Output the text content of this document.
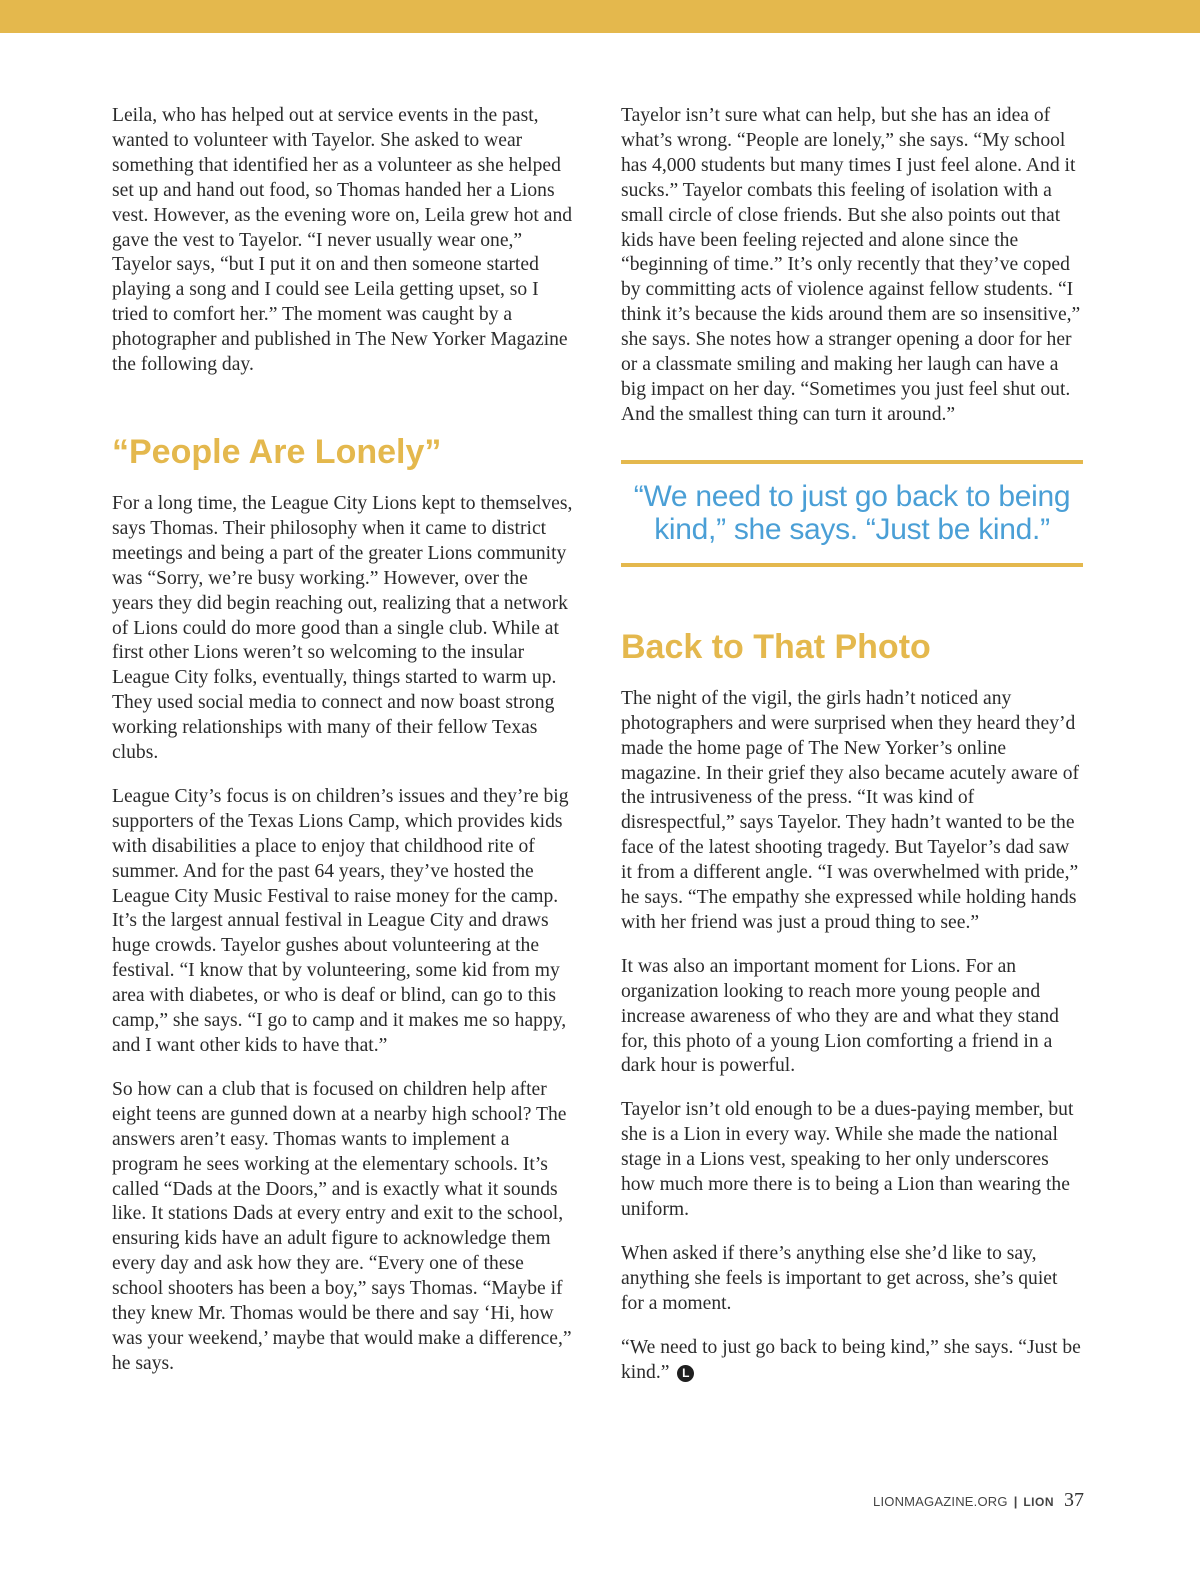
Leila, who has helped out at service events in the past, wanted to volunteer with Tayelor. She asked to wear something that identified her as a volunteer as she helped set up and hand out food, so Thomas handed her a Lions vest. However, as the evening wore on, Leila grew hot and gave the vest to Tayelor. “I never usually wear one,” Tayelor says, “but I put it on and then someone started playing a song and I could see Leila getting upset, so I tried to comfort her.” The moment was caught by a photographer and published in The New Yorker Magazine the following day.

“People Are Lonely”

For a long time, the League City Lions kept to themselves, says Thomas. Their philosophy when it came to district meetings and being a part of the greater Lions community was “Sorry, we’re busy working.” However, over the years they did begin reaching out, realizing that a network of Lions could do more good than a single club. While at first other Lions weren’t so welcoming to the insular League City folks, eventually, things started to warm up. They used social media to connect and now boast strong working relationships with many of their fellow Texas clubs.

League City’s focus is on children’s issues and they’re big supporters of the Texas Lions Camp, which provides kids with disabilities a place to enjoy that childhood rite of summer. And for the past 64 years, they’ve hosted the League City Music Festival to raise money for the camp. It’s the largest annual festival in League City and draws huge crowds. Tayelor gushes about volunteering at the festival. “I know that by volunteering, some kid from my area with diabetes, or who is deaf or blind, can go to this camp,” she says. “I go to camp and it makes me so happy, and I want other kids to have that.”

So how can a club that is focused on children help after eight teens are gunned down at a nearby high school? The answers aren’t easy. Thomas wants to implement a program he sees working at the elementary schools. It’s called “Dads at the Doors,” and is exactly what it sounds like. It stations Dads at every entry and exit to the school, ensuring kids have an adult figure to acknowledge them every day and ask how they are. “Every one of these school shooters has been a boy,” says Thomas. “Maybe if they knew Mr. Thomas would be there and say ‘Hi, how was your weekend,’ maybe that would make a difference,” he says.

Tayelor isn’t sure what can help, but she has an idea of what’s wrong. “People are lonely,” she says. “My school has 4,000 students but many times I just feel alone. And it sucks.” Tayelor combats this feeling of isolation with a small circle of close friends. But she also points out that kids have been feeling rejected and alone since the “beginning of time.” It’s only recently that they’ve coped by committing acts of violence against fellow students. “I think it’s because the kids around them are so insensitive,” she says. She notes how a stranger opening a door for her or a classmate smiling and making her laugh can have a big impact on her day. “Sometimes you just feel shut out. And the smallest thing can turn it around.”

“We need to just go back to being kind,” she says. “Just be kind.”
Back to That Photo

The night of the vigil, the girls hadn’t noticed any photographers and were surprised when they heard they’d made the home page of The New Yorker’s online magazine. In their grief they also became acutely aware of the intrusiveness of the press. “It was kind of disrespectful,” says Tayelor. They hadn’t wanted to be the face of the latest shooting tragedy. But Tayelor’s dad saw it from a different angle. “I was overwhelmed with pride,” he says. “The empathy she expressed while holding hands with her friend was just a proud thing to see.”

It was also an important moment for Lions. For an organization looking to reach more young people and increase awareness of who they are and what they stand for, this photo of a young Lion comforting a friend in a dark hour is powerful.

Tayelor isn’t old enough to be a dues-paying member, but she is a Lion in every way. While she made the national stage in a Lions vest, speaking to her only underscores how much more there is to being a Lion than wearing the uniform.

When asked if there’s anything else she’d like to say, anything she feels is important to get across, she’s quiet for a moment.

“We need to just go back to being kind,” she says. “Just be kind.” L

LIONMAGAZINE.ORG | LION 37
